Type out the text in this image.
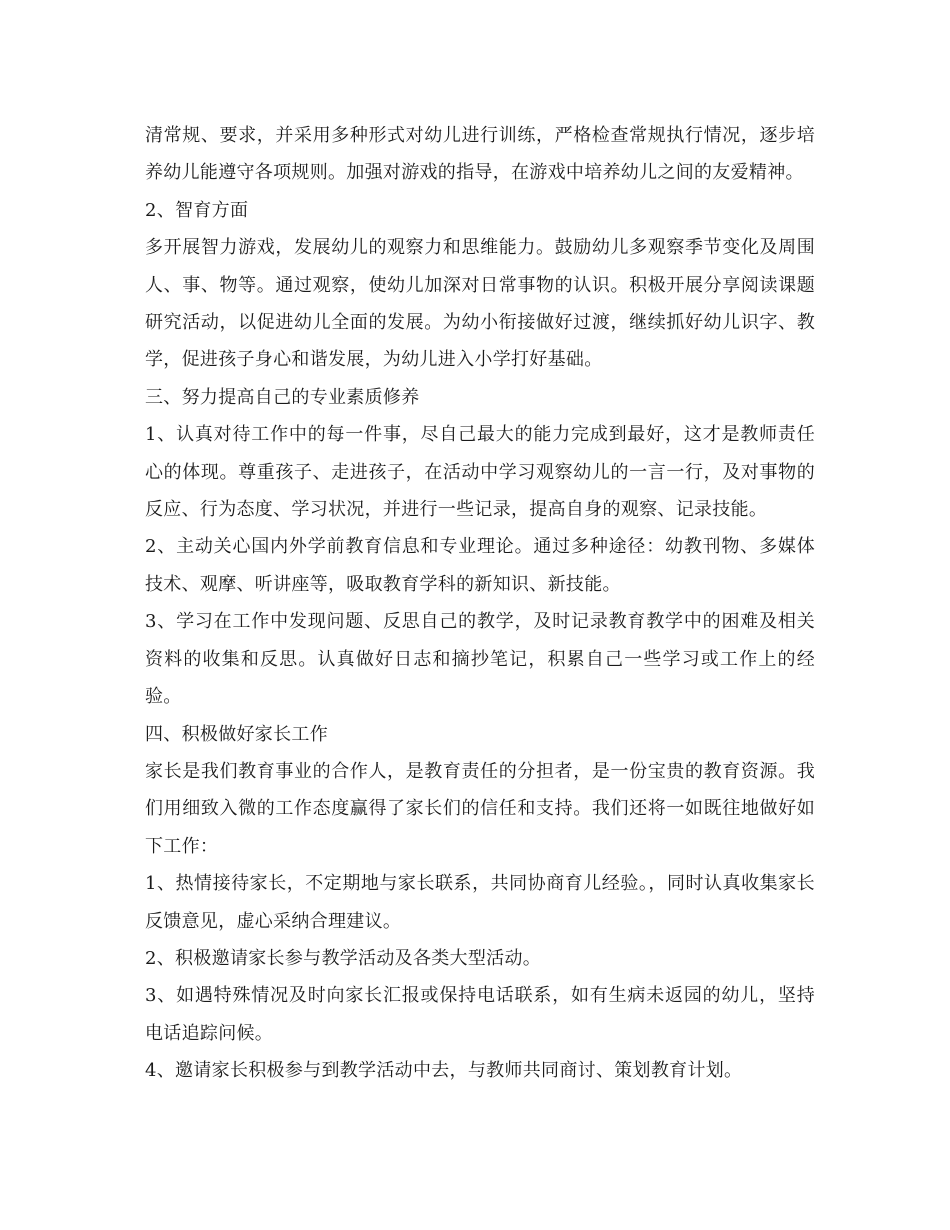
清常规、要求，并采用多种形式对幼儿进行训练，严格检查常规执行情况，逐步培养幼儿能遵守各项规则。加强对游戏的指导，在游戏中培养幼儿之间的友爱精神。

2、智育方面

多开展智力游戏，发展幼儿的观察力和思维能力。鼓励幼儿多观察季节变化及周围人、事、物等。通过观察，使幼儿加深对日常事物的认识。积极开展分享阅读课题研究活动，以促进幼儿全面的发展。为幼小衔接做好过渡，继续抓好幼儿识字、教学，促进孩子身心和谐发展，为幼儿进入小学打好基础。

三、努力提高自己的专业素质修养

1、认真对待工作中的每一件事，尽自己最大的能力完成到最好，这才是教师责任心的体现。尊重孩子、走进孩子，在活动中学习观察幼儿的一言一行，及对事物的反应、行为态度、学习状况，并进行一些记录，提高自身的观察、记录技能。

2、主动关心国内外学前教育信息和专业理论。通过多种途径：幼教刊物、多媒体技术、观摩、听讲座等，吸取教育学科的新知识、新技能。

3、学习在工作中发现问题、反思自己的教学，及时记录教育教学中的困难及相关资料的收集和反思。认真做好日志和摘抄笔记，积累自己一些学习或工作上的经验。

四、积极做好家长工作

家长是我们教育事业的合作人，是教育责任的分担者，是一份宝贵的教育资源。我们用细致入微的工作态度赢得了家长们的信任和支持。我们还将一如既往地做好如下工作：

1、热情接待家长，不定期地与家长联系，共同协商育儿经验。，同时认真收集家长反馈意见，虚心采纳合理建议。

2、积极邀请家长参与教学活动及各类大型活动。

3、如遇特殊情况及时向家长汇报或保持电话联系，如有生病未返园的幼儿，坚持电话追踪问候。

4、邀请家长积极参与到教学活动中去，与教师共同商讨、策划教育计划。
